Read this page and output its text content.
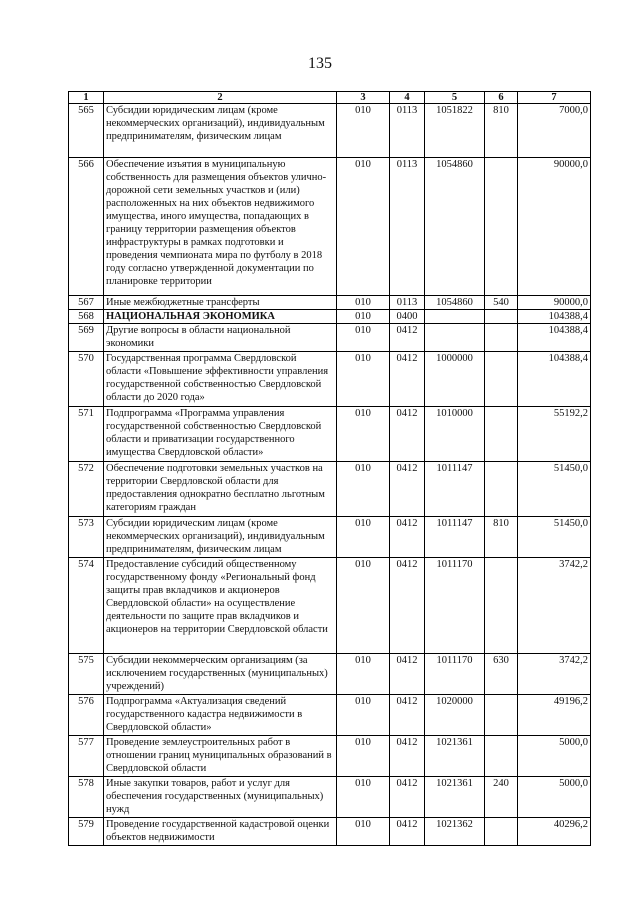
135
1	2	3	4	5	6	7
565	Субсидии юридическим лицам (кроме некоммерческих организаций), индивидуальным предпринимателям, физическим лицам	010	0113	1051822	810	7000,0
566	Обеспечение изъятия в муниципальную собственность для размещения объектов улично-дорожной сети земельных участков и (или) расположенных на них объектов недвижимого имущества, иного имущества, попадающих в границу территории размещения объектов инфраструктуры в рамках подготовки и проведения чемпионата мира по футболу в 2018 году согласно утвержденной документации по планировке территории	010	0113	1054860		90000,0
567	Иные межбюджетные трансферты	010	0113	1054860	540	90000,0
568	НАЦИОНАЛЬНАЯ ЭКОНОМИКА	010	0400			104388,4
569	Другие вопросы в области национальной экономики	010	0412			104388,4
570	Государственная программа Свердловской области «Повышение эффективности управления государственной собственностью Свердловской области до 2020 года»	010	0412	1000000		104388,4
571	Подпрограмма «Программа управления государственной собственностью Свердловской области и приватизации государственного имущества Свердловской области»	010	0412	1010000		55192,2
572	Обеспечение подготовки земельных участков на территории Свердловской области для предоставления однократно бесплатно льготным категориям граждан	010	0412	1011147		51450,0
573	Субсидии юридическим лицам (кроме некоммерческих организаций), индивидуальным предпринимателям, физическим лицам	010	0412	1011147	810	51450,0
574	Предоставление субсидий общественному государственному фонду «Региональный фонд защиты прав вкладчиков и акционеров Свердловской области» на осуществление деятельности по защите прав вкладчиков и акционеров на территории Свердловской области	010	0412	1011170		3742,2
575	Субсидии некоммерческим организациям (за исключением государственных (муниципальных) учреждений)	010	0412	1011170	630	3742,2
576	Подпрограмма «Актуализация сведений государственного кадастра недвижимости в Свердловской области»	010	0412	1020000		49196,2
577	Проведение землеустроительных работ в отношении границ муниципальных образований в Свердловской области	010	0412	1021361		5000,0
578	Иные закупки товаров, работ и услуг для обеспечения государственных (муниципальных) нужд	010	0412	1021361	240	5000,0
579	Проведение государственной кадастровой оценки объектов недвижимости	010	0412	1021362		40296,2
